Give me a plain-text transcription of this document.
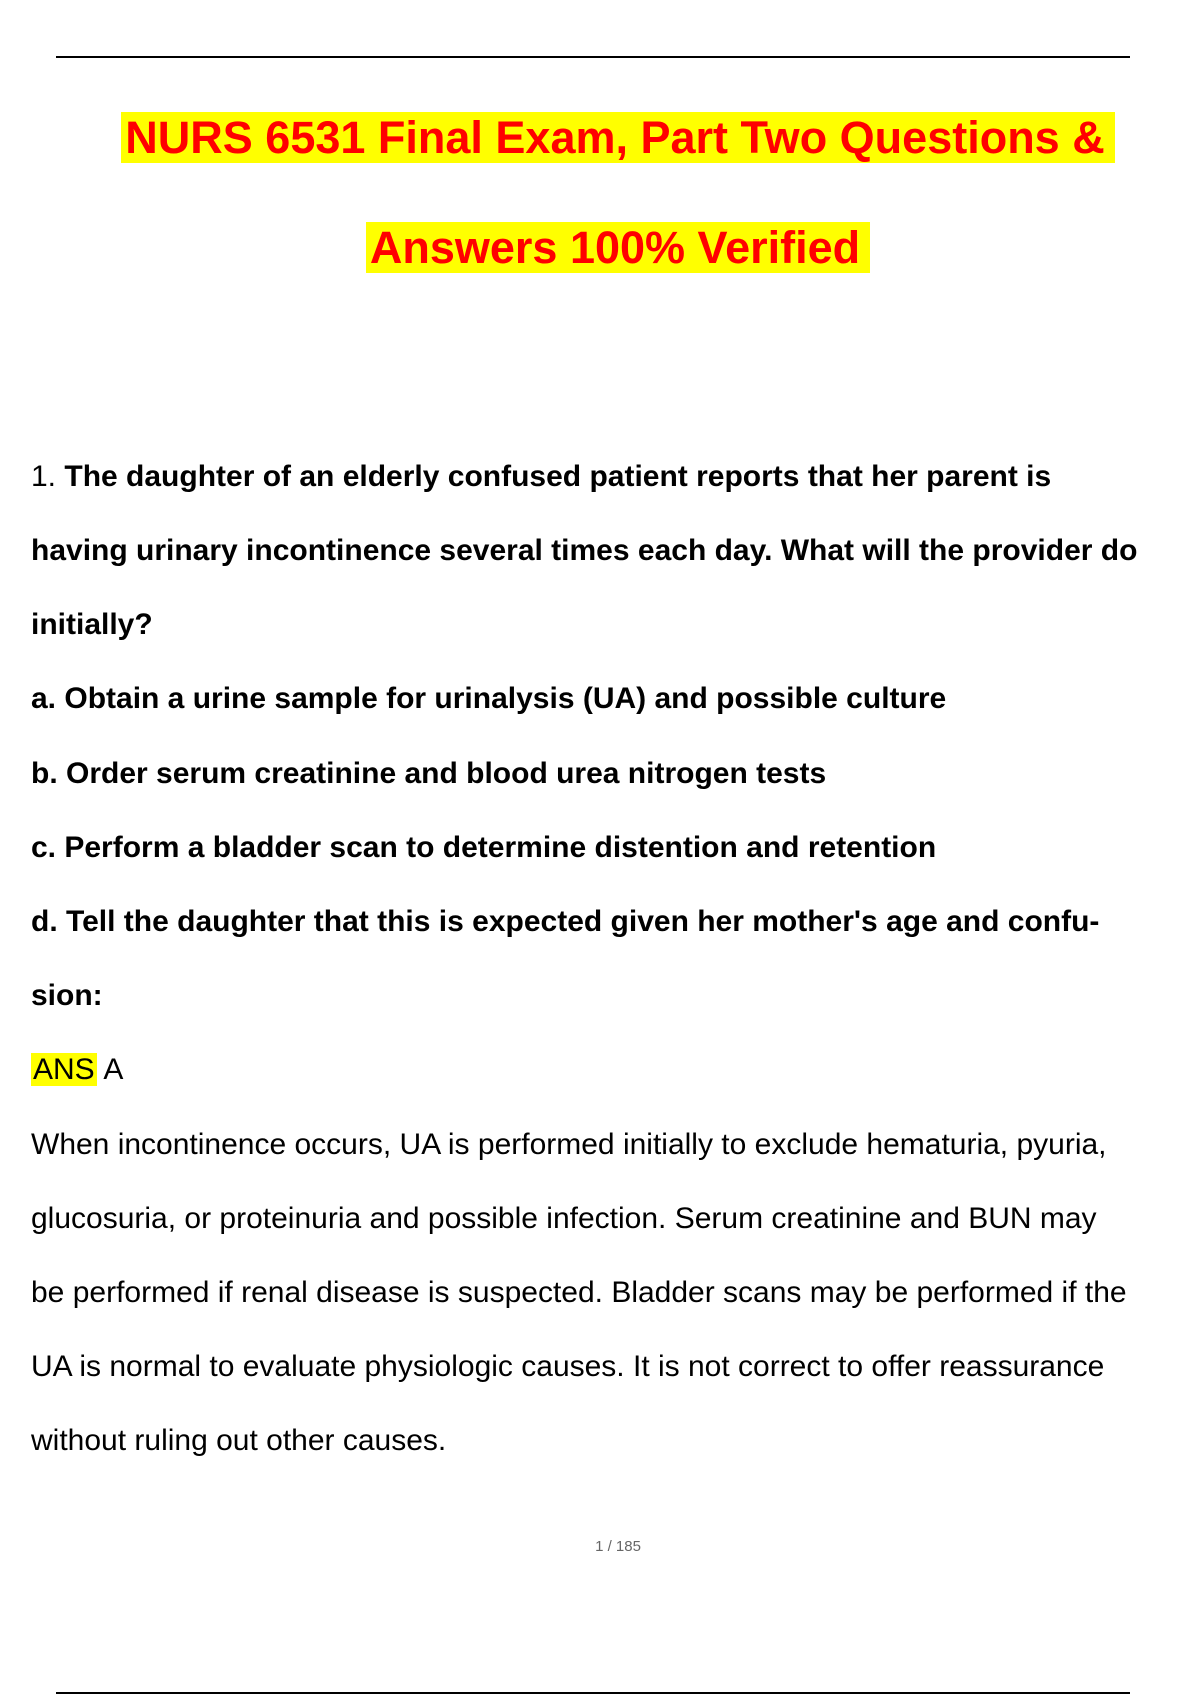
NURS 6531 Final Exam, Part Two Questions &
Answers 100% Verified
1. The daughter of an elderly confused patient reports that her parent is
having urinary incontinence several times each day. What will the provider do
initially?
a. Obtain a urine sample for urinalysis (UA) and possible culture
b. Order serum creatinine and blood urea nitrogen tests
c. Perform a bladder scan to determine distention and retention
d. Tell the daughter that this is expected given her mother's age and confu-
sion:
ANS A
When incontinence occurs, UA is performed initially to exclude hematuria, pyuria,
glucosuria, or proteinuria and possible infection. Serum creatinine and BUN may
be performed if renal disease is suspected. Bladder scans may be performed if the
UA is normal to evaluate physiologic causes. It is not correct to offer reassurance
without ruling out other causes.
1 / 185
